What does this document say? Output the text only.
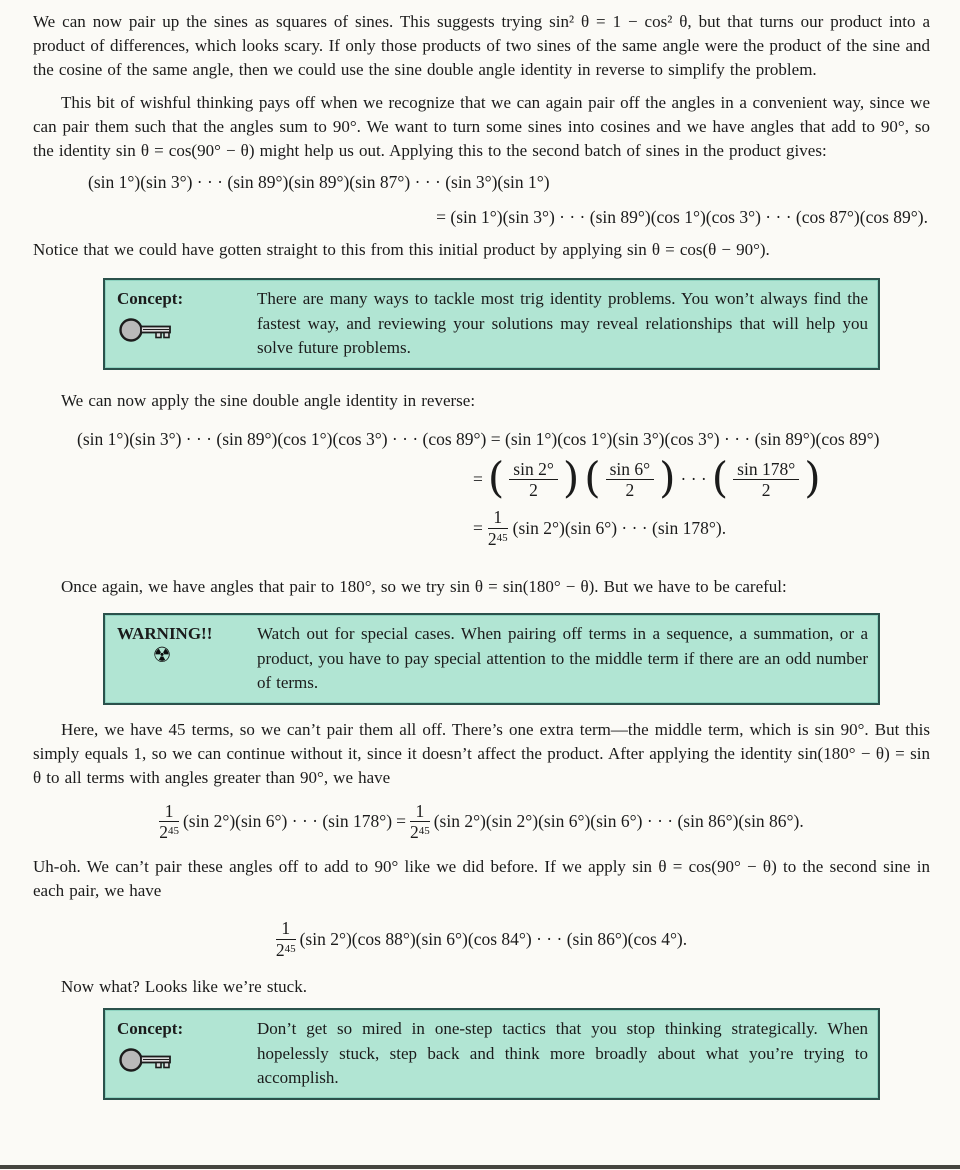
We can now pair up the sines as squares of sines. This suggests trying sin² θ = 1 − cos² θ, but that turns our product into a product of differences, which looks scary. If only those products of two sines of the same angle were the product of the sine and the cosine of the same angle, then we could use the sine double angle identity in reverse to simplify the problem.

This bit of wishful thinking pays off when we recognize that we can again pair off the angles in a convenient way, since we can pair them such that the angles sum to 90°. We want to turn some sines into cosines and we have angles that add to 90°, so the identity sin θ = cos(90° − θ) might help us out. Applying this to the second batch of sines in the product gives:

(sin 1°)(sin 3°) · · · (sin 89°)(sin 89°)(sin 87°) · · · (sin 3°)(sin 1°)
= (sin 1°)(sin 3°) · · · (sin 89°)(cos 1°)(cos 3°) · · · (cos 87°)(cos 89°).

Notice that we could have gotten straight to this from this initial product by applying sin θ = cos(θ − 90°).

Concept:	There are many ways to tackle most trig identity problems. You won’t always find the fastest way, and reviewing your solutions may reveal relationships that will help you solve future problems.

We can now apply the sine double angle identity in reverse:

(sin 1°)(sin 3°) · · · (sin 89°)(cos 1°)(cos 3°) · · · (cos 89°) = (sin 1°)(cos 1°)(sin 3°)(cos 3°) · · · (sin 89°)(cos 89°)
= ( $\frac{\sin 2^\circ}{2}$ ) ( $\frac{\sin 6^\circ}{2}$ ) · · · ( $\frac{\sin 178^\circ}{2}$ )
= $\frac{1}{2^{45}} (\sin$ 2°)(sin 6°) · · · (sin 178°).

Once again, we have angles that pair to 180°, so we try sin θ = sin(180° − θ). But we have to be careful:

WARNING!!
☢
Watch out for special cases. When pairing off terms in a sequence, a summation, or a product, you have to pay special attention to the middle term if there are an odd number of terms.

Here, we have 45 terms, so we can’t pair them all off. There’s one extra term—the middle term, which is sin 90°. But this simply equals 1, so we can continue without it, since it doesn’t affect the product. After applying the identity sin(180° − θ) = sin θ to all terms with angles greater than 90°, we have

$\frac{1}{2^{45}} (\sin$ 2°)(sin 6°) · · · (sin $178^\circ) = \frac{1}{2^{45}} (\sin$ 2°)(sin 2°)(sin 6°)(sin 6°) · · · (sin 86°)(sin 86°).

Uh-oh. We can’t pair these angles off to add to 90° like we did before. If we apply sin θ = cos(90° − θ) to the second sine in each pair, we have

$\frac{1}{2^{45}} (\sin$ 2°)(cos 88°)(sin 6°)(cos 84°) · · · (sin 86°)(cos 4°).

Now what? Looks like we’re stuck.

Concept:	Don’t get so mired in one-step tactics that you stop thinking strategically. When hopelessly stuck, step back and think more broadly about what you’re trying to accomplish.
